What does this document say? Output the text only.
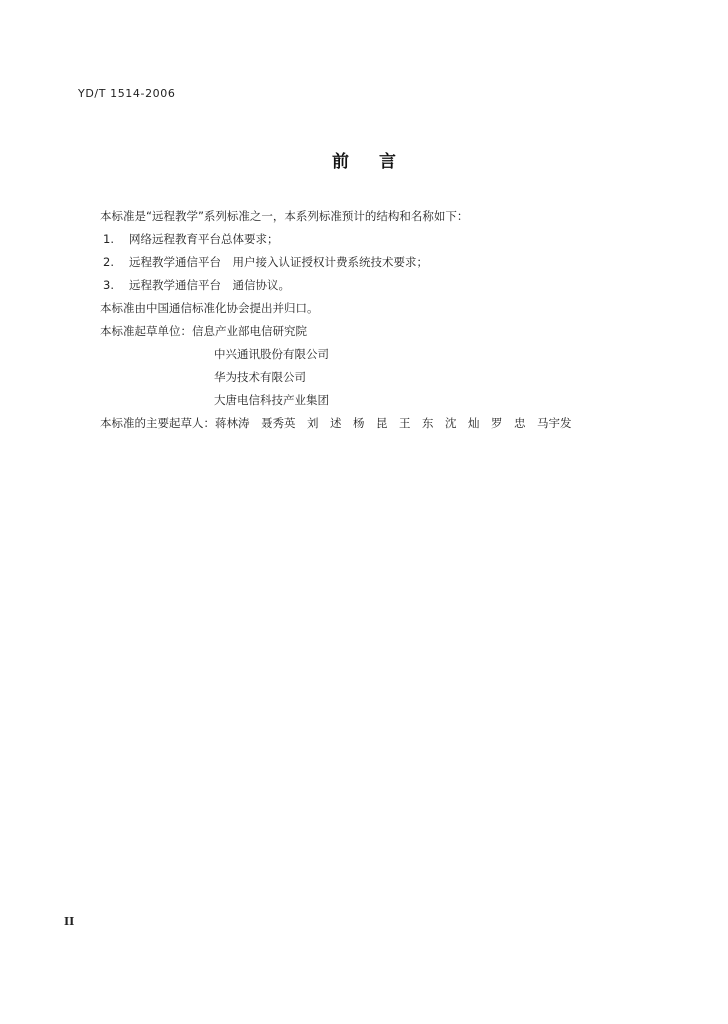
YD/T 1514-2006
前 言
本标准是“远程教学”系列标准之一，本系列标准预计的结构和名称如下：
1. 网络远程教育平台总体要求；
2. 远程教学通信平台　用户接入认证授权计费系统技术要求；
3. 远程教学通信平台　通信协议。
本标准由中国通信标准化协会提出并归口。
本标准起草单位：信息产业部电信研究院
中兴通讯股份有限公司
华为技术有限公司
大唐电信科技产业集团
本标准的主要起草人：蒋林涛　聂秀英　刘　述　杨　昆　王　东　沈　灿　罗　忠　马宇发
II
